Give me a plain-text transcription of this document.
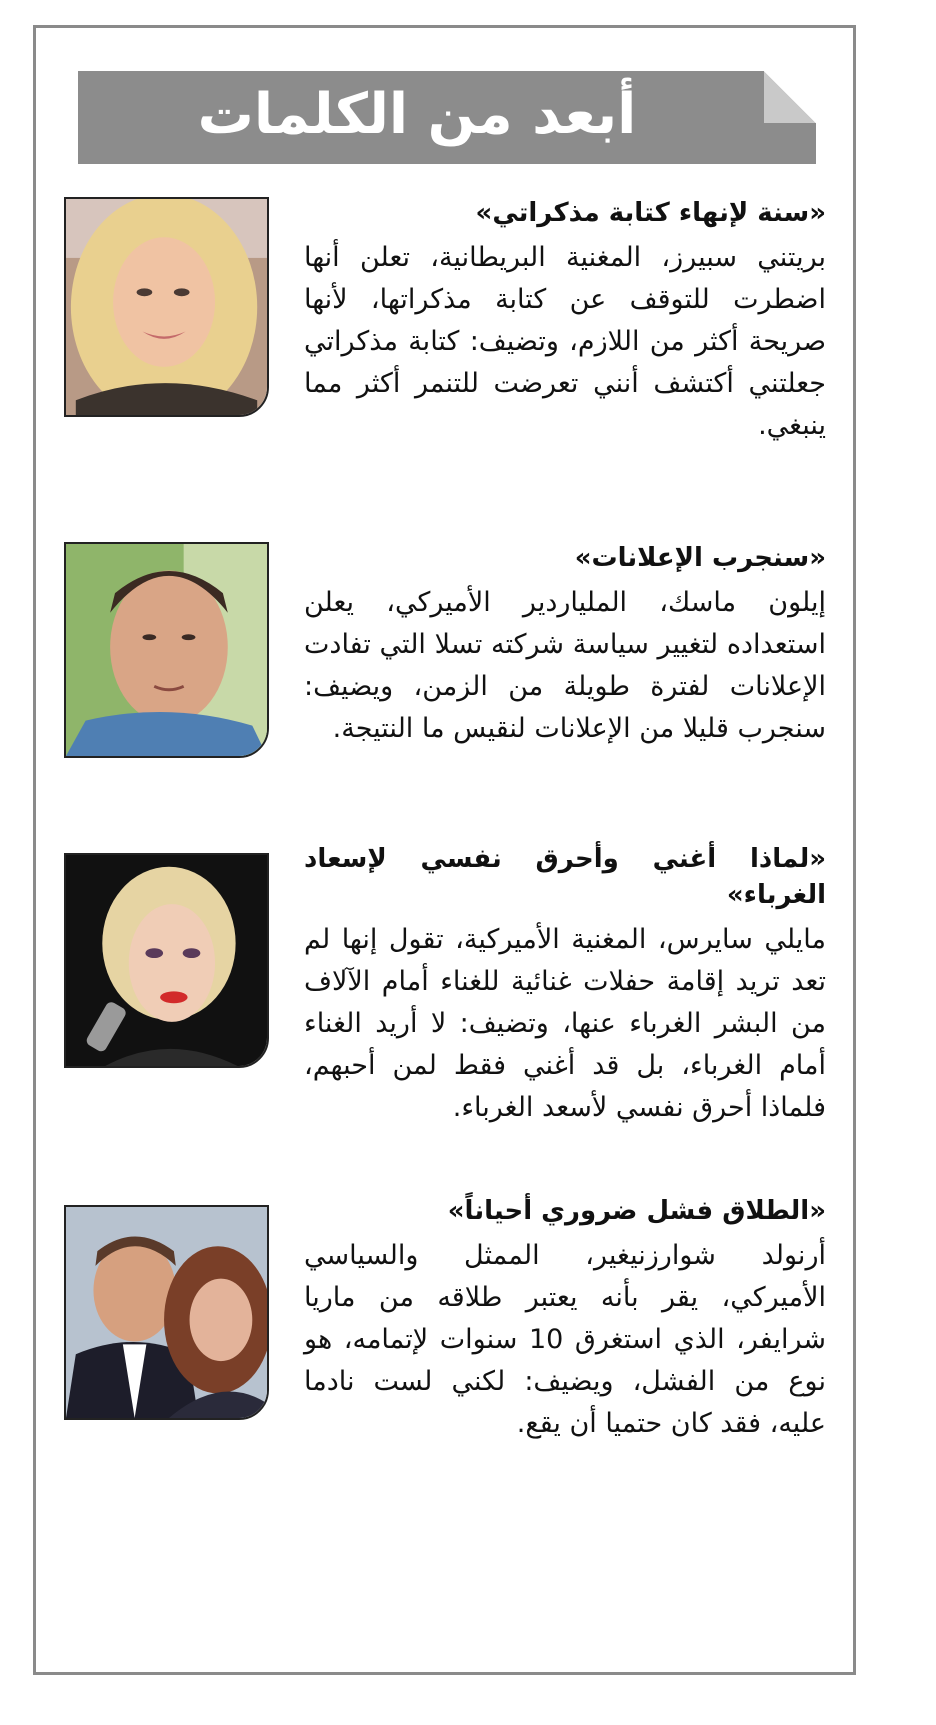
أبعد من الكلمات

«سنة لإنهاء كتابة مذكراتي»

بريتني سبيرز، المغنية البريطانية، تعلن أنها اضطرت للتوقف عن كتابة مذكراتها، لأنها صريحة أكثر من اللازم، وتضيف: كتابة مذكراتي جعلتني أكتشف أنني تعرضت للتنمر أكثر مما ينبغي.

«سنجرب الإعلانات»

إيلون ماسك، الملياردير الأميركي، يعلن استعداده لتغيير سياسة شركته تسلا التي تفادت الإعلانات لفترة طويلة من الزمن، ويضيف: سنجرب قليلا من الإعلانات لنقيس ما النتيجة.

«لماذا أغني وأحرق نفسي لإسعاد الغرباء»

مايلي سايرس، المغنية الأميركية، تقول إنها لم تعد تريد إقامة حفلات غنائية للغناء أمام الآلاف من البشر الغرباء عنها، وتضيف: لا أريد الغناء أمام الغرباء، بل قد أغني فقط لمن أحبهم، فلماذا أحرق نفسي لأسعد الغرباء.

«الطلاق فشل ضروري أحياناً»

أرنولد شوارزنيغير، الممثل والسياسي الأميركي، يقر بأنه يعتبر طلاقه من ماريا شرايفر، الذي استغرق 10 سنوات لإتمامه، هو نوع من الفشل، ويضيف: لكني لست نادما عليه، فقد كان حتميا أن يقع.
